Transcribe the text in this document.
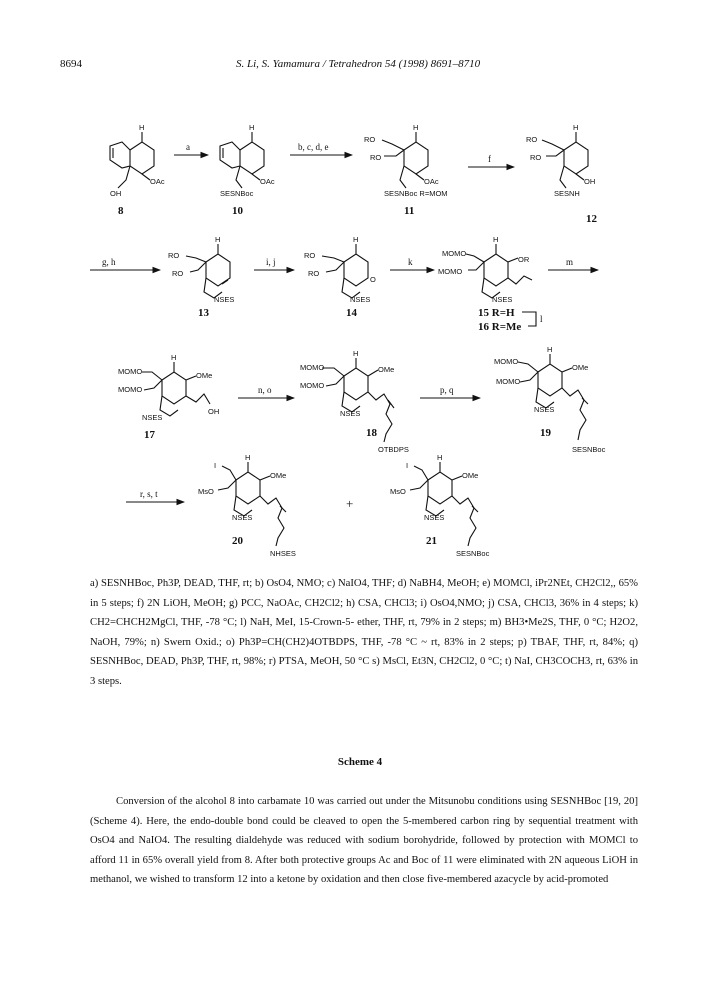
8694	S. Li, S. Yamamura / Tetrahedron 54 (1998) 8691–8710
H
OAc
OH
8
a
H
OAc
SESNBoc
10
b, c, d, e
RO
RO
H
OAc
SESNBoc R=MOM
11
f
RO
RO
H
OH
SESNH
12
g, h
RO
RO
H
NSES
13
i, j
RO
RO
H
O
NSES
14
k
MOMO
MOMO
H
OR
NSES
15 R=H
16 R=Me
l
m
MOMO
MOMO
H
OMe
OH
NSES
17
n, o
MOMO
MOMO
H
OMe
NSES
18
OTBDPS
p, q
MOMO
MOMO
H
OMe
NSES
19
SESNBoc
r, s, t
I
MsO
H
OMe
NSES
20
NHSES
+
I
MsO
H
OMe
NSES
21
SESNBoc
a) SESNHBoc, Ph3P, DEAD, THF, rt; b) OsO4, NMO; c) NaIO4, THF; d) NaBH4, MeOH; e) MOMCl, iPr2NEt, CH2Cl2,, 65% in 5 steps; f) 2N LiOH, MeOH; g) PCC, NaOAc, CH2Cl2; h) CSA, CHCl3; i) OsO4,NMO; j) CSA, CHCl3, 36% in 4 steps; k) CH2=CHCH2MgCl, THF, -78 °C; l) NaH, MeI, 15-Crown-5- ether, THF, rt, 79% in 2 steps; m) BH3•Me2S, THF, 0 °C; H2O2, NaOH, 79%; n) Swern Oxid.; o) Ph3P=CH(CH2)4OTBDPS, THF, -78 °C ~ rt, 83% in 2 steps; p) TBAF, THF, rt, 84%; q) SESNHBoc, DEAD, Ph3P, THF, rt, 98%; r) PTSA, MeOH, 50 °C s) MsCl, Et3N, CH2Cl2, 0 °C; t) NaI, CH3COCH3, rt, 63% in 3 steps.
Scheme 4

Conversion of the alcohol 8 into carbamate 10 was carried out under the Mitsunobu conditions using SESNHBoc [19, 20] (Scheme 4). Here, the endo-double bond could be cleaved to open the 5-membered carbon ring by sequential treatment with OsO4 and NaIO4. The resulting dialdehyde was reduced with sodium borohydride, followed by protection with MOMCl to afford 11 in 65% overall yield from 8. After both protective groups Ac and Boc of 11 were eliminated with 2N aqueous LiOH in methanol, we wished to transform 12 into a ketone by oxidation and then close five-membered azacycle by acid-promoted
